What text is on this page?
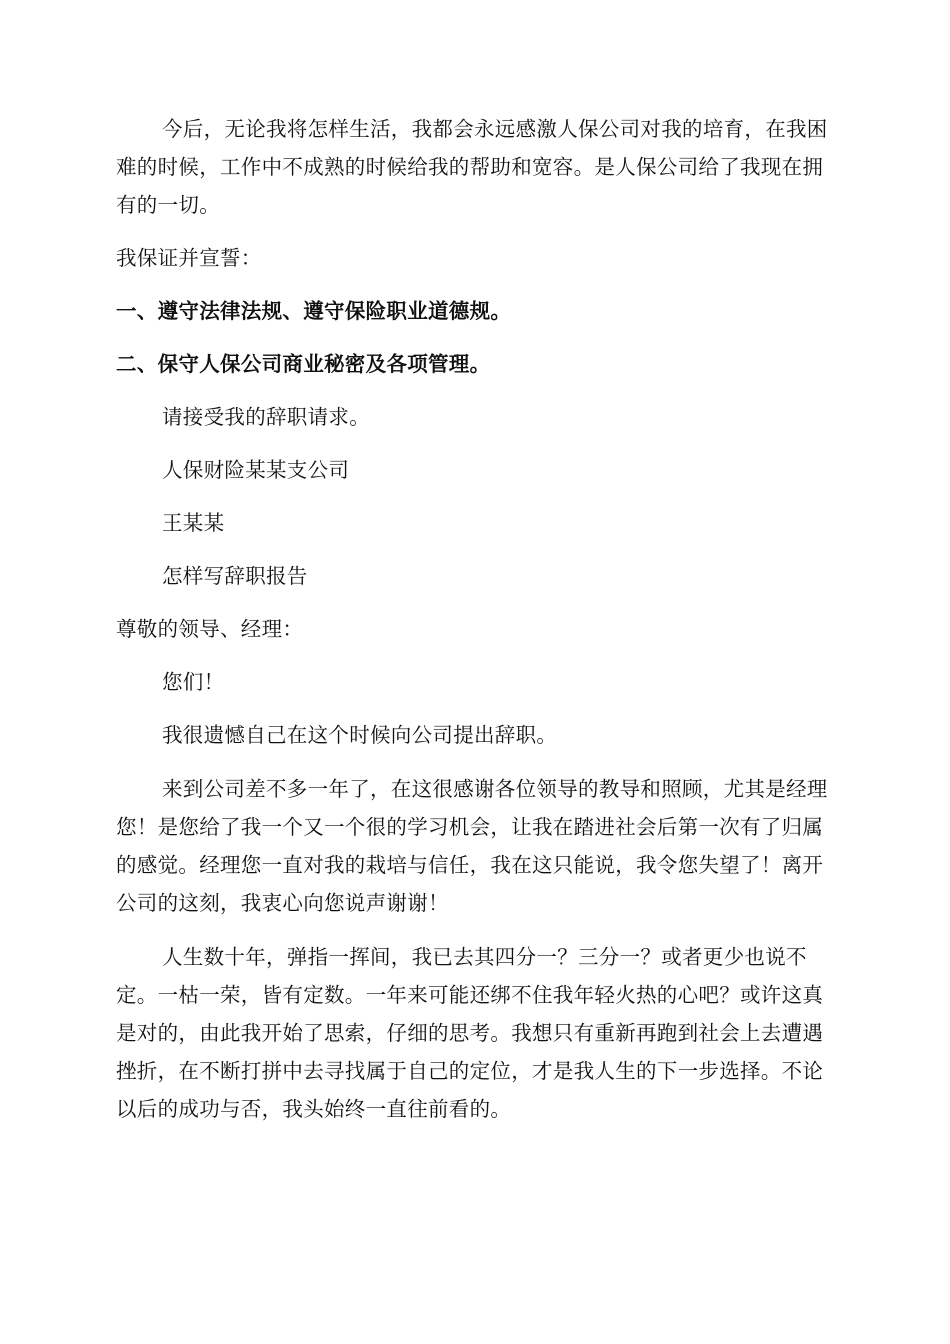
今后，无论我将怎样生活，我都会永远感激人保公司对我的培育，在我困难的时候，工作中不成熟的时候给我的帮助和宽容。是人保公司给了我现在拥有的一切。

我保证并宣誓：

一、遵守法律法规、遵守保险职业道德规。

二、保守人保公司商业秘密及各项管理。

请接受我的辞职请求。

人保财险某某支公司

王某某

怎样写辞职报告

尊敬的领导、经理：

您们！

我很遗憾自己在这个时候向公司提出辞职。

来到公司差不多一年了，在这很感谢各位领导的教导和照顾，尤其是经理您！是您给了我一个又一个很的学习机会，让我在踏进社会后第一次有了归属的感觉。经理您一直对我的栽培与信任，我在这只能说，我令您失望了！离开公司的这刻，我衷心向您说声谢谢！

人生数十年，弹指一挥间，我已去其四分一？三分一？或者更少也说不定。一枯一荣，皆有定数。一年来可能还绑不住我年轻火热的心吧？或许这真是对的，由此我开始了思索，仔细的思考。我想只有重新再跑到社会上去遭遇挫折，在不断打拼中去寻找属于自己的定位，才是我人生的下一步选择。不论以后的成功与否，我头始终一直往前看的。
